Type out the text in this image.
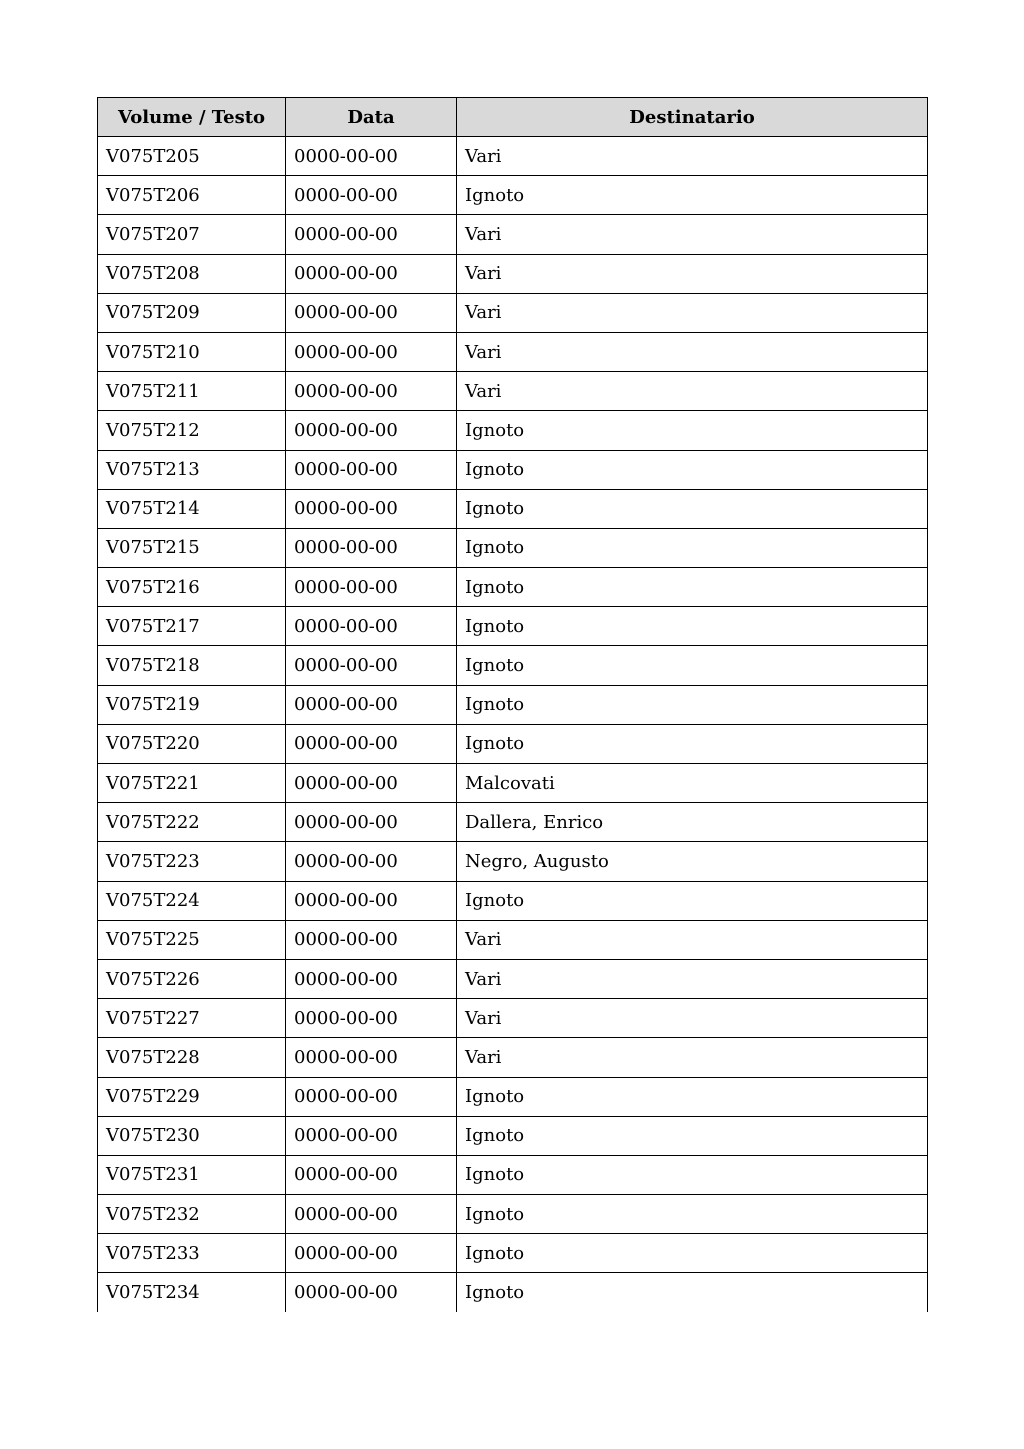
Volume / Testo	Data	Destinatario
V075T205	0000-00-00	Vari
V075T206	0000-00-00	Ignoto
V075T207	0000-00-00	Vari
V075T208	0000-00-00	Vari
V075T209	0000-00-00	Vari
V075T210	0000-00-00	Vari
V075T211	0000-00-00	Vari
V075T212	0000-00-00	Ignoto
V075T213	0000-00-00	Ignoto
V075T214	0000-00-00	Ignoto
V075T215	0000-00-00	Ignoto
V075T216	0000-00-00	Ignoto
V075T217	0000-00-00	Ignoto
V075T218	0000-00-00	Ignoto
V075T219	0000-00-00	Ignoto
V075T220	0000-00-00	Ignoto
V075T221	0000-00-00	Malcovati
V075T222	0000-00-00	Dallera, Enrico
V075T223	0000-00-00	Negro, Augusto
V075T224	0000-00-00	Ignoto
V075T225	0000-00-00	Vari
V075T226	0000-00-00	Vari
V075T227	0000-00-00	Vari
V075T228	0000-00-00	Vari
V075T229	0000-00-00	Ignoto
V075T230	0000-00-00	Ignoto
V075T231	0000-00-00	Ignoto
V075T232	0000-00-00	Ignoto
V075T233	0000-00-00	Ignoto
V075T234	0000-00-00	Ignoto
